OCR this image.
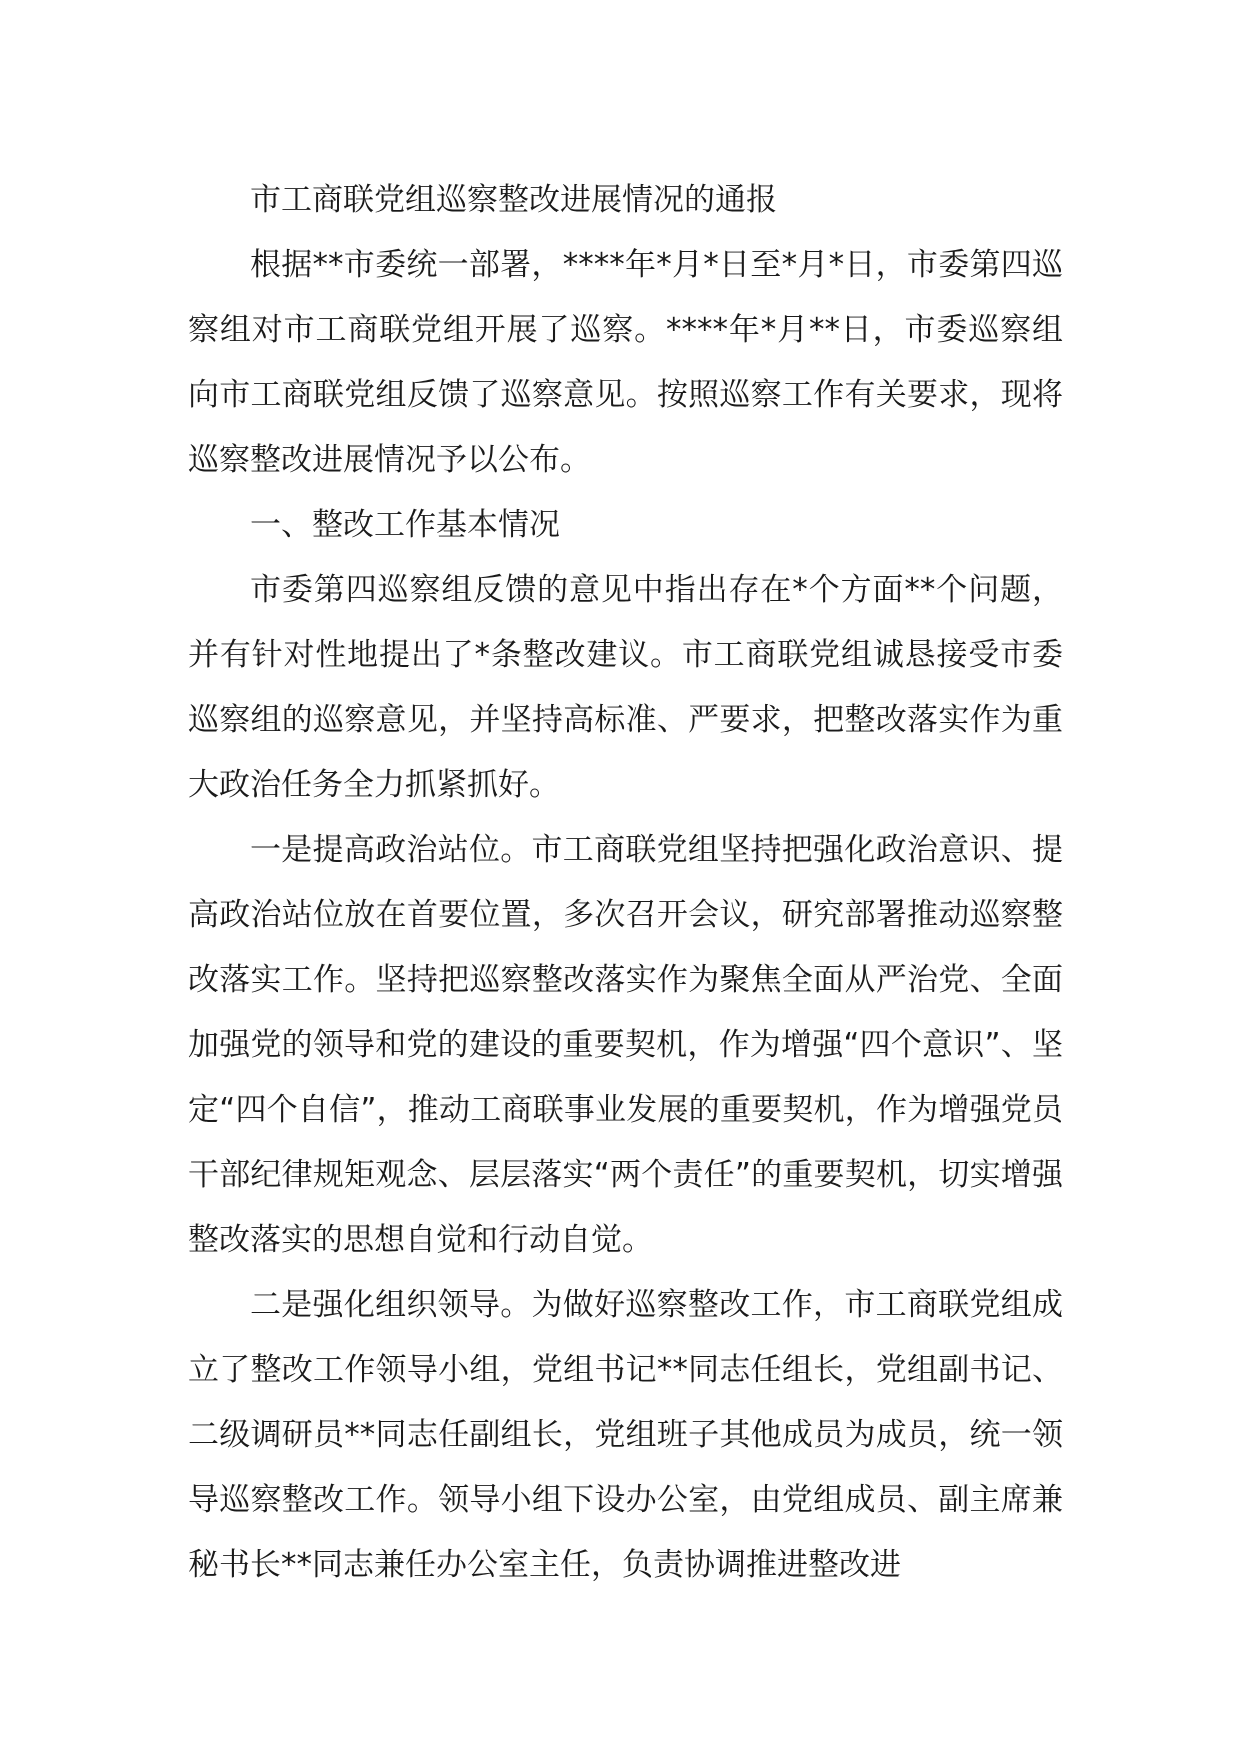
市工商联党组巡察整改进展情况的通报

根据**市委统一部署，****年*月*日至*月*日，市委第四巡察组对市工商联党组开展了巡察。****年*月**日，市委巡察组向市工商联党组反馈了巡察意见。按照巡察工作有关要求，现将巡察整改进展情况予以公布。

一、整改工作基本情况

市委第四巡察组反馈的意见中指出存在*个方面**个问题，并有针对性地提出了*条整改建议。市工商联党组诚恳接受市委巡察组的巡察意见，并坚持高标准、严要求，把整改落实作为重大政治任务全力抓紧抓好。

一是提高政治站位。市工商联党组坚持把强化政治意识、提高政治站位放在首要位置，多次召开会议，研究部署推动巡察整改落实工作。坚持把巡察整改落实作为聚焦全面从严治党、全面加强党的领导和党的建设的重要契机，作为增强“四个意识”、坚定“四个自信”，推动工商联事业发展的重要契机，作为增强党员干部纪律规矩观念、层层落实“两个责任”的重要契机，切实增强整改落实的思想自觉和行动自觉。

二是强化组织领导。为做好巡察整改工作，市工商联党组成立了整改工作领导小组，党组书记**同志任组长，党组副书记、二级调研员**同志任副组长，党组班子其他成员为成员，统一领导巡察整改工作。领导小组下设办公室，由党组成员、副主席兼秘书长**同志兼任办公室主任，负责协调推进整改进
